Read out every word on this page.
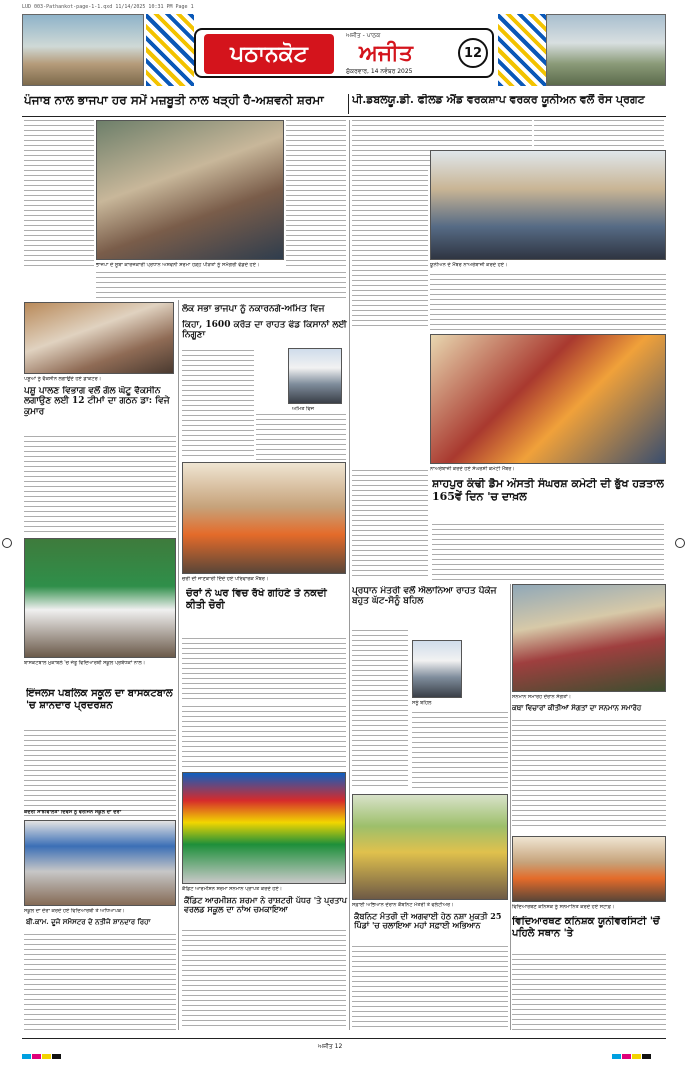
LUD 003-Pathankot-page-1-1.qxd 11/14/2025 10:31 PM Page 1
ਪਠਾਨਕੋਟ
ਅਜੀਤ - ਪਾਠਕ
ਅਜੀਤ
ਸ਼ੁੱਕਰਵਾਰ, 14 ਨਵੰਬਰ 2025
12
ਪੰਜਾਬ ਨਾਲ ਭਾਜਪਾ ਹਰ ਸਮੇਂ ਮਜ਼ਬੂਤੀ ਨਾਲ ਖੜ੍ਹੀ ਹੈ-ਅਸ਼ਵਨੀ ਸ਼ਰਮਾ	ਪੀ.ਡਬਲਯੂ.ਡੀ. ਫੀਲਡ ਐਂਡ ਵਰਕਸ਼ਾਪ ਵਰਕਰ ਯੂਨੀਅਨ ਵਲੋਂ ਰੋਸ ਪ੍ਰਗਟ
ਭਾਜਪਾ ਦੇ ਸੂਬਾ ਕਾਰਜਕਾਰੀ ਪ੍ਰਧਾਨ ਅਸ਼ਵਨੀ ਸ਼ਰਮਾ ਹੜ੍ਹ ਪੀੜਤਾਂ ਨੂੰ ਸਮੱਗਰੀ ਵੰਡਦੇ ਹੋਏ।	ਯੂਨੀਅਨ ਦੇ ਮੈਂਬਰ ਨਾਅਰੇਬਾਜ਼ੀ ਕਰਦੇ ਹੋਏ।
ਪਸ਼ੂਆਂ ਨੂੰ ਵੈਕਸੀਨ ਲਗਾਉਂਦੇ ਹੋਏ ਡਾਕਟਰ।
ਪਸ਼ੂ ਪਾਲਣ ਵਿਭਾਗ ਵਲੋਂ ਗੋਲ ਘੋਟੂ ਵੈਕਸੀਨ ਲਗਾਉਣ ਲਈ 12 ਟੀਮਾਂ ਦਾ ਗਠਨ ਡਾ: ਵਿਜੇ ਕੁਮਾਰ
ਲੋਕ ਸਭਾ ਭਾਜਪਾ ਨੂੰ ਨਕਾਰਨਗੇ-ਅਮਿਤ ਵਿਜ
ਕਿਹਾ, 1600 ਕਰੋੜ ਦਾ ਰਾਹਤ ਫੰਡ ਕਿਸਾਨਾਂ ਲਈ ਨਿਗੂਣਾ
ਅਮਿਤ ਵਿਜ
ਨਾਅਰੇਬਾਜ਼ੀ ਕਰਦੇ ਹੋਏ ਸੰਘਰਸ਼ੀ ਕਮੇਟੀ ਮੈਂਬਰ।
ਸ਼ਾਹਪੁਰ ਕੰਢੀ ਡੈਮ ਔਸਤੀ ਸੰਘਰਸ਼ ਕਮੇਟੀ ਦੀ ਭੁੱਖ ਹੜਤਾਲ 165ਵੇਂ ਦਿਨ 'ਚ ਦਾਖ਼ਲ
ਚੋਰੀ ਦੀ ਜਾਣਕਾਰੀ ਦਿੰਦੇ ਹੋਏ ਪਰਿਵਾਰਕ ਮੈਂਬਰ।
ਚੋਰਾਂ ਨੇ ਘਰ ਵਿਚ ਰੱਖੇ ਗਹਿਣੇ ਤੇ ਨਕਦੀ ਕੀਤੀ ਚੋਰੀ
ਬਾਸਕਟਬਾਲ ਮੁਕਾਬਲੇ 'ਚ ਜੇਤੂ ਵਿਦਿਆਰਥੀ ਸਕੂਲ ਪ੍ਰਬੰਧਕਾਂ ਨਾਲ।
ਇੰਜਲਸ ਪਬਲਿਕ ਸਕੂਲ ਦਾ ਬਾਸਕਟਬਾਲ 'ਚ ਸ਼ਾਨਦਾਰ ਪ੍ਰਦਰਸ਼ਨ
ਪ੍ਰਧਾਨ ਮੰਤਰੀ ਵਲੋਂ ਐਲਾਨਿਆ ਰਾਹਤ ਪੈਕੇਜ ਬਹੁਤ ਘੱਟ-ਸੋਨੂੰ ਬਹਿਲ
ਸੋਨੂੰ ਬਹਿਲ
ਸਨਮਾਨ ਸਮਾਰੋਹ ਦੌਰਾਨ ਸੰਗਤਾਂ।
ਕਥਾ ਵਿਚਾਰਾਂ ਕੀਤੀਆਂ ਸੰਗਤਾਂ ਦਾ ਸਨਮਾਨ ਸਮਾਰੋਹ
ਕੈਡਿਟ ਆਰਮੀਸ਼ਨ ਸ਼ਰਮਾ ਸਨਮਾਨ ਪ੍ਰਾਪਤ ਕਰਦੇ ਹੋਏ।
ਕੈਂਡਿਟ ਆਰਮੀਸ਼ਨ ਸ਼ਰਮਾ ਨੇ ਰਾਸ਼ਟਰੀ ਪੱਧਰ 'ਤੇ ਪ੍ਰਤਾਪ ਵਰਲਡ ਸਕੂਲ ਦਾ ਨਾਂਅ ਚਮਕਾਇਆ
ਸਕੂਲ ਦਾ ਦੌਰਾ ਕਰਦੇ ਹੋਏ ਵਿਦਿਆਰਥੀ ਤੇ ਅਧਿਆਪਕ।
ਬੀ.ਕਾਮ. ਦੂਜੇ ਸਮੈਸਟਰ ਦੇ ਨਤੀਜੇ ਸ਼ਾਨਦਾਰ ਰਿਹਾ
ਸਫ਼ਾਈ ਅਭਿਆਨ ਦੌਰਾਨ ਕੈਬਨਿਟ ਮੰਤਰੀ ਤੇ ਵਲੰਟੀਅਰ।
ਕੈਬਨਿਟ ਮੰਤਰੀ ਦੀ ਅਗਵਾਈ ਹੇਠ ਨਸ਼ਾ ਮੁਕਤੀ 25 ਪਿੰਡਾਂ 'ਚ ਚਲਾਇਆ ਮਹਾਂ ਸਫ਼ਾਈ ਅਭਿਆਨ
ਵਿਦਿਆਰਥਣ ਕਨਿਸ਼ਕ ਨੂੰ ਸਨਮਾਨਿਤ ਕਰਦੇ ਹੋਏ ਸਟਾਫ਼।
ਵਿਦਿਆਰਥਣ ਕਨਿਸ਼ਕ ਯੂਨੀਵਰਸਿਟੀ 'ਚੋਂ ਪਹਿਲੇ ਸਥਾਨ 'ਤੇ
ਕੇਂਦਰੀ ਸਾਂਝੀਵਾਲਤਾ ਦਿਵਸ ਨੂੰ ਵਰਜਿਨ ਸਕੂਲ ਦਾ ਦੌਰਾ
ਅਜੀਤ 12
